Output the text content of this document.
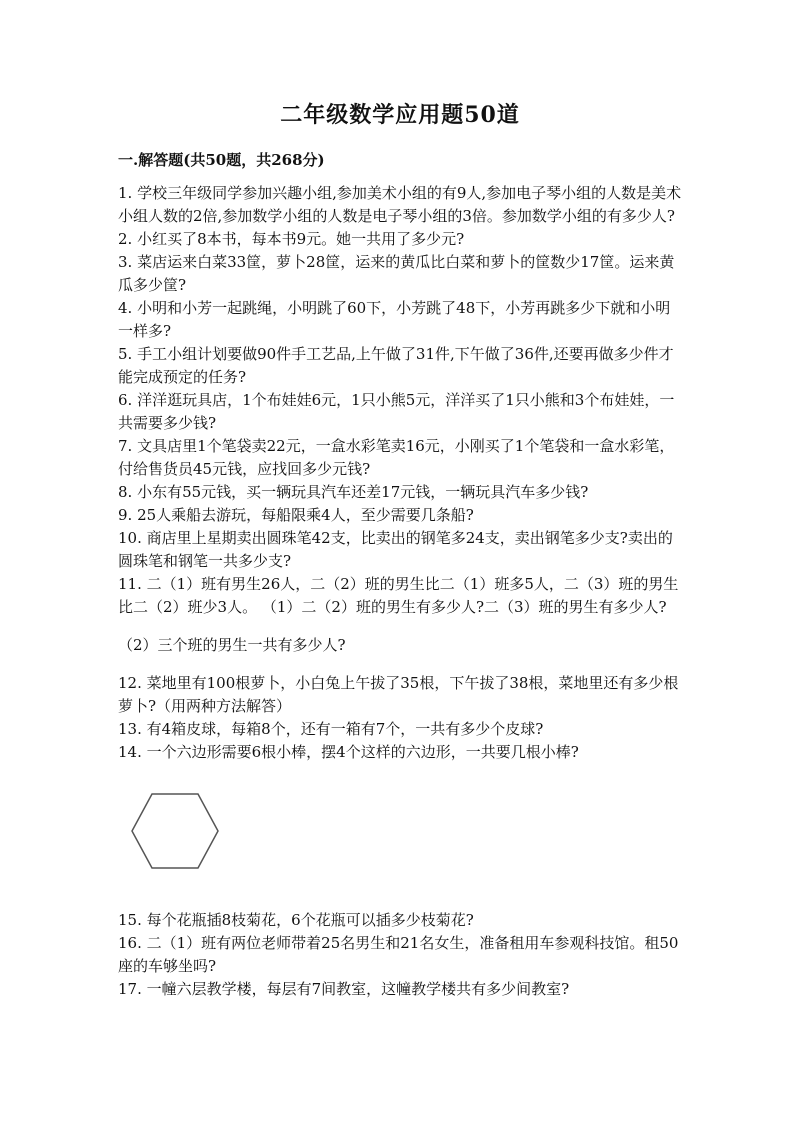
二年级数学应用题50道
一.解答题(共50题，共268分)

1. 学校三年级同学参加兴趣小组,参加美术小组的有9人,参加电子琴小组的人数是美术小组人数的2倍,参加数学小组的人数是电子琴小组的3倍。参加数学小组的有多少人?

2. 小红买了8本书，每本书9元。她一共用了多少元?

3. 菜店运来白菜33筐，萝卜28筐，运来的黄瓜比白菜和萝卜的筐数少17筐。运来黄瓜多少筐?

4. 小明和小芳一起跳绳，小明跳了60下，小芳跳了48下，小芳再跳多少下就和小明一样多?

5. 手工小组计划要做90件手工艺品,上午做了31件,下午做了36件,还要再做多少件才能完成预定的任务?

6. 洋洋逛玩具店，1个布娃娃6元，1只小熊5元，洋洋买了1只小熊和3个布娃娃，一共需要多少钱?

7. 文具店里1个笔袋卖22元，一盒水彩笔卖16元，小刚买了1个笔袋和一盒水彩笔，付给售货员45元钱，应找回多少元钱?

8. 小东有55元钱，买一辆玩具汽车还差17元钱，一辆玩具汽车多少钱?

9. 25人乘船去游玩，每船限乘4人，至少需要几条船?

10. 商店里上星期卖出圆珠笔42支，比卖出的钢笔多24支，卖出钢笔多少支?卖出的圆珠笔和钢笔一共多少支?

11. 二（1）班有男生26人，二（2）班的男生比二（1）班多5人，二（3）班的男生比二（2）班少3人。 （1）二（2）班的男生有多少人?二（3）班的男生有多少人?

（2）三个班的男生一共有多少人?

12. 菜地里有100根萝卜，小白兔上午拔了35根，下午拔了38根，菜地里还有多少根萝卜?（用两种方法解答）

13. 有4箱皮球，每箱8个，还有一箱有7个，一共有多少个皮球?

14. 一个六边形需要6根小棒，摆4个这样的六边形，一共要几根小棒?

15. 每个花瓶插8枝菊花，6个花瓶可以插多少枝菊花?

16. 二（1）班有两位老师带着25名男生和21名女生，准备租用车参观科技馆。租50座的车够坐吗?

17. 一幢六层教学楼，每层有7间教室，这幢教学楼共有多少间教室?
